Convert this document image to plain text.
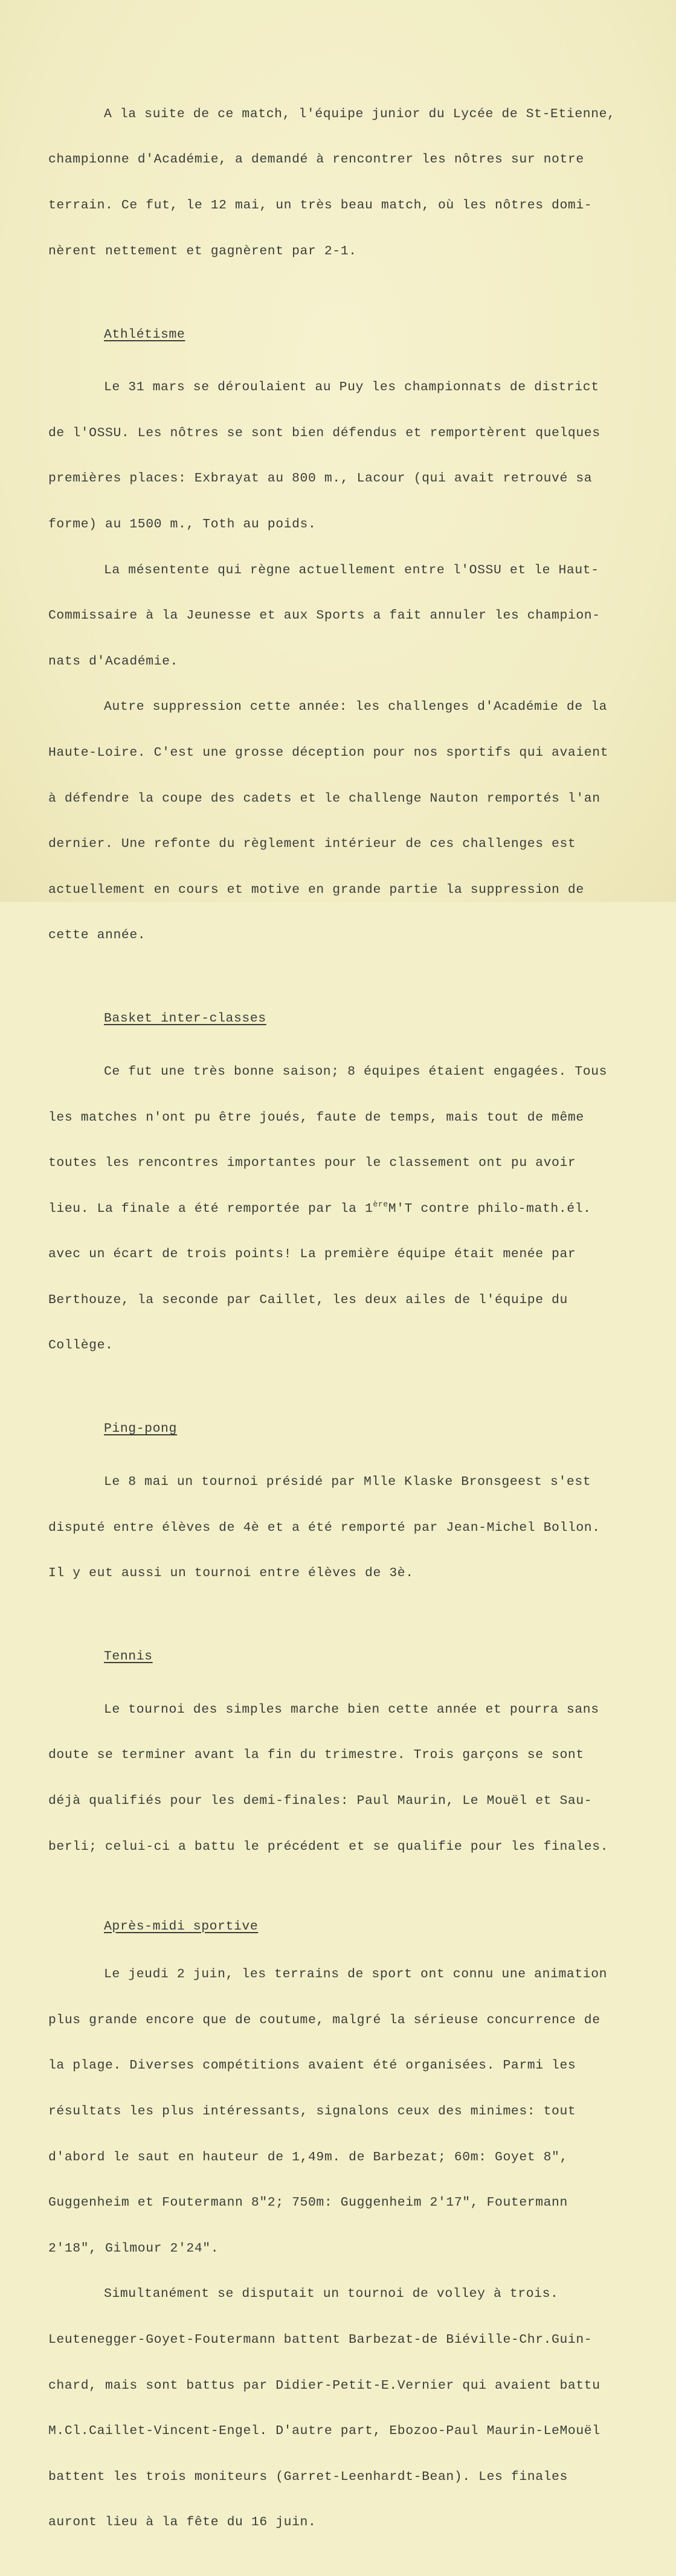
A la suite de ce match, l'équipe junior du Lycée de St-Etienne,

championne d'Académie, a demandé à rencontrer les nôtres sur notre

terrain. Ce fut, le 12 mai, un très beau match, où les nôtres domi-

nèrent nettement et gagnèrent par 2-1.

Athlétisme

Le 31 mars se déroulaient au Puy les championnats de district

de l'OSSU. Les nôtres se sont bien défendus et remportèrent quelques

premières places: Exbrayat au 800 m., Lacour (qui avait retrouvé sa

forme) au 1500 m., Toth au poids.

La mésentente qui règne actuellement entre l'OSSU et le Haut-

Commissaire à la Jeunesse et aux Sports a fait annuler les champion-

nats d'Académie.

Autre suppression cette année: les challenges d'Académie de la

Haute-Loire. C'est une grosse déception pour nos sportifs qui avaient

à défendre la coupe des cadets et le challenge Nauton remportés l'an

dernier. Une refonte du règlement intérieur de ces challenges est

actuellement en cours et motive en grande partie la suppression de

cette année.

Basket inter-classes

Ce fut une très bonne saison; 8 équipes étaient engagées. Tous

les matches n'ont pu être joués, faute de temps, mais tout de même

toutes les rencontres importantes pour le classement ont pu avoir

lieu. La finale a été remportée par la 1èreM'T contre philo-math.él.

avec un écart de trois points! La première équipe était menée par

Berthouze, la seconde par Caillet, les deux ailes de l'équipe du

Collège.

Ping-pong

Le 8 mai un tournoi présidé par Mlle Klaske Bronsgeest s'est

disputé entre élèves de 4è et a été remporté par Jean-Michel Bollon.

Il y eut aussi un tournoi entre élèves de 3è.

Tennis

Le tournoi des simples marche bien cette année et pourra sans

doute se terminer avant la fin du trimestre. Trois garçons se sont

déjà qualifiés pour les demi-finales: Paul Maurin, Le Mouël et Sau-

berli; celui-ci a battu le précédent et se qualifie pour les finales.

Après-midi sportive

Le jeudi 2 juin, les terrains de sport ont connu une animation

plus grande encore que de coutume, malgré la sérieuse concurrence de

la plage. Diverses compétitions avaient été organisées. Parmi les

résultats les plus intéressants, signalons ceux des minimes: tout

d'abord le saut en hauteur de 1,49m. de Barbezat; 60m: Goyet 8",

Guggenheim et Foutermann 8"2; 750m: Guggenheim 2'17", Foutermann

2'18", Gilmour 2'24".

Simultanément se disputait un tournoi de volley à trois.

Leutenegger-Goyet-Foutermann battent Barbezat-de Biéville-Chr.Guin-

chard, mais sont battus par Didier-Petit-E.Vernier qui avaient battu

M.Cl.Caillet-Vincent-Engel. D'autre part, Ebozoo-Paul Maurin-LeMouël

battent les trois moniteurs (Garret-Leenhardt-Bean). Les finales

auront lieu à la fête du 16 juin.
